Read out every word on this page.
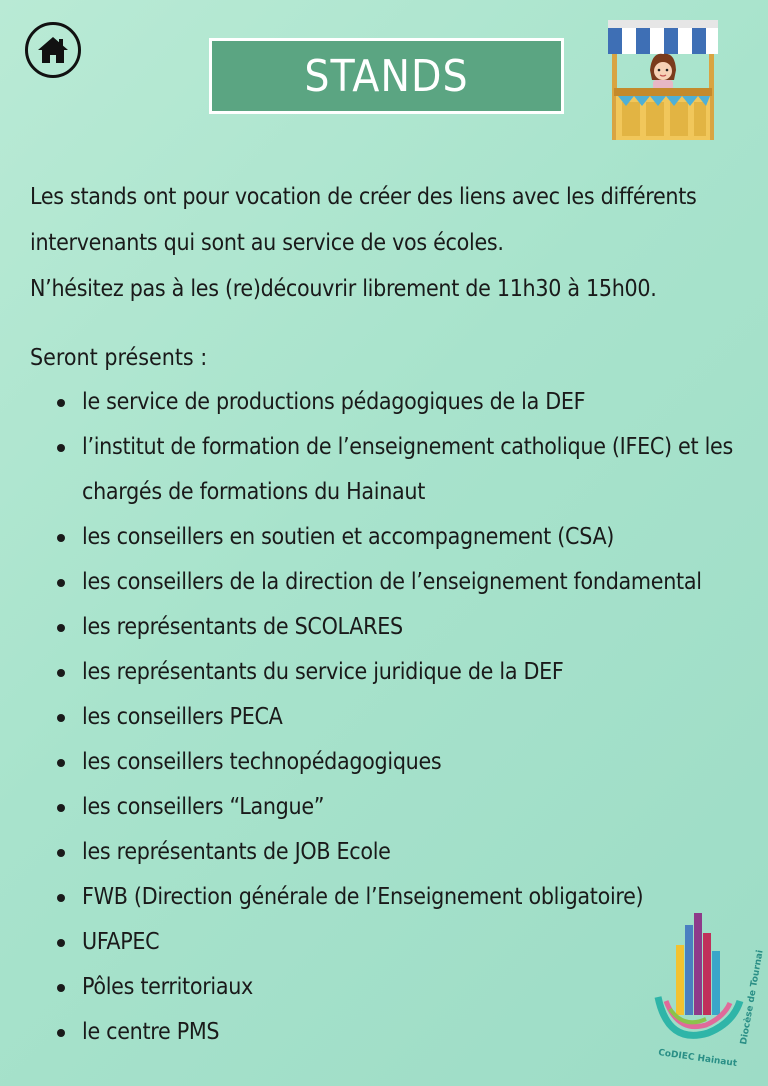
STANDS

Les stands ont pour vocation de créer des liens avec les différents

intervenants qui sont au service de vos écoles.

N’hésitez pas à les (re)découvrir librement de 11h30 à 15h00.

Seront présents :
le service de productions pédagogiques de la DEF
l’institut de formation de l’enseignement catholique (IFEC) et les chargés de formations du Hainaut
les conseillers en soutien et accompagnement (CSA)
les conseillers de la direction de l’enseignement fondamental
les représentants de SCOLARES
les représentants du service juridique de la DEF
les conseillers PECA
les conseillers technopédagogiques
les conseillers “Langue”
les représentants de JOB Ecole
FWB (Direction générale de l’Enseignement obligatoire)
UFAPEC
Pôles territoriaux
le centre PMS
CoDIEC Hainaut
Diocèse de Tournai
